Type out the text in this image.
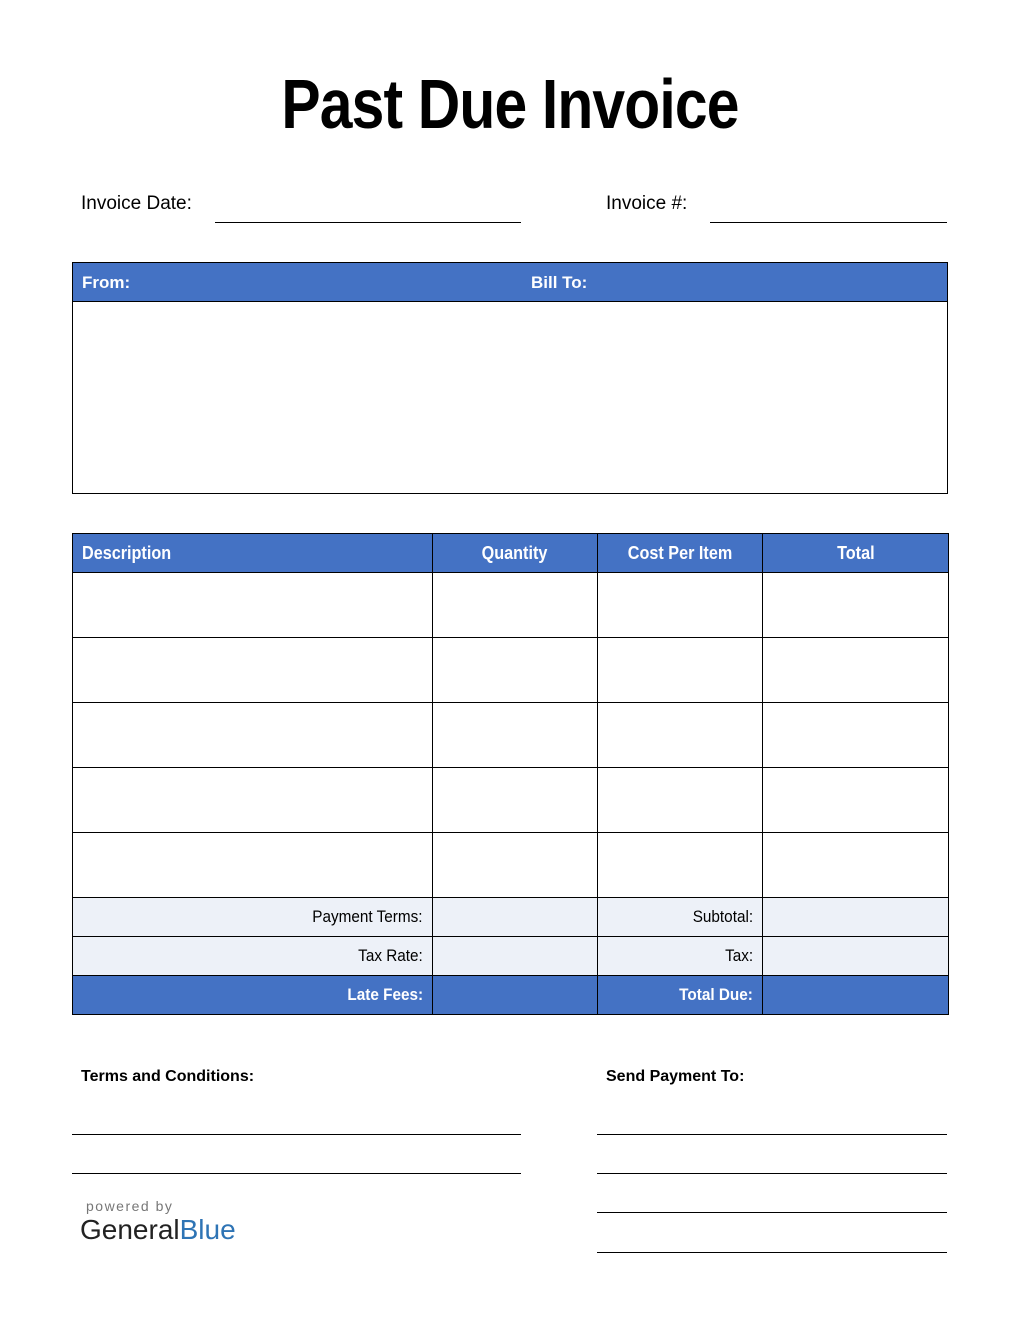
Past Due Invoice
Invoice Date:	Invoice #:
From:	Bill To:
Description	Quantity	Cost Per Item	Total

Payment Terms:		Subtotal:	
Tax Rate:		Tax:	
Late Fees:		Total Due:	
Terms and Conditions:	Send Payment To:
powered by
GeneralBlue
